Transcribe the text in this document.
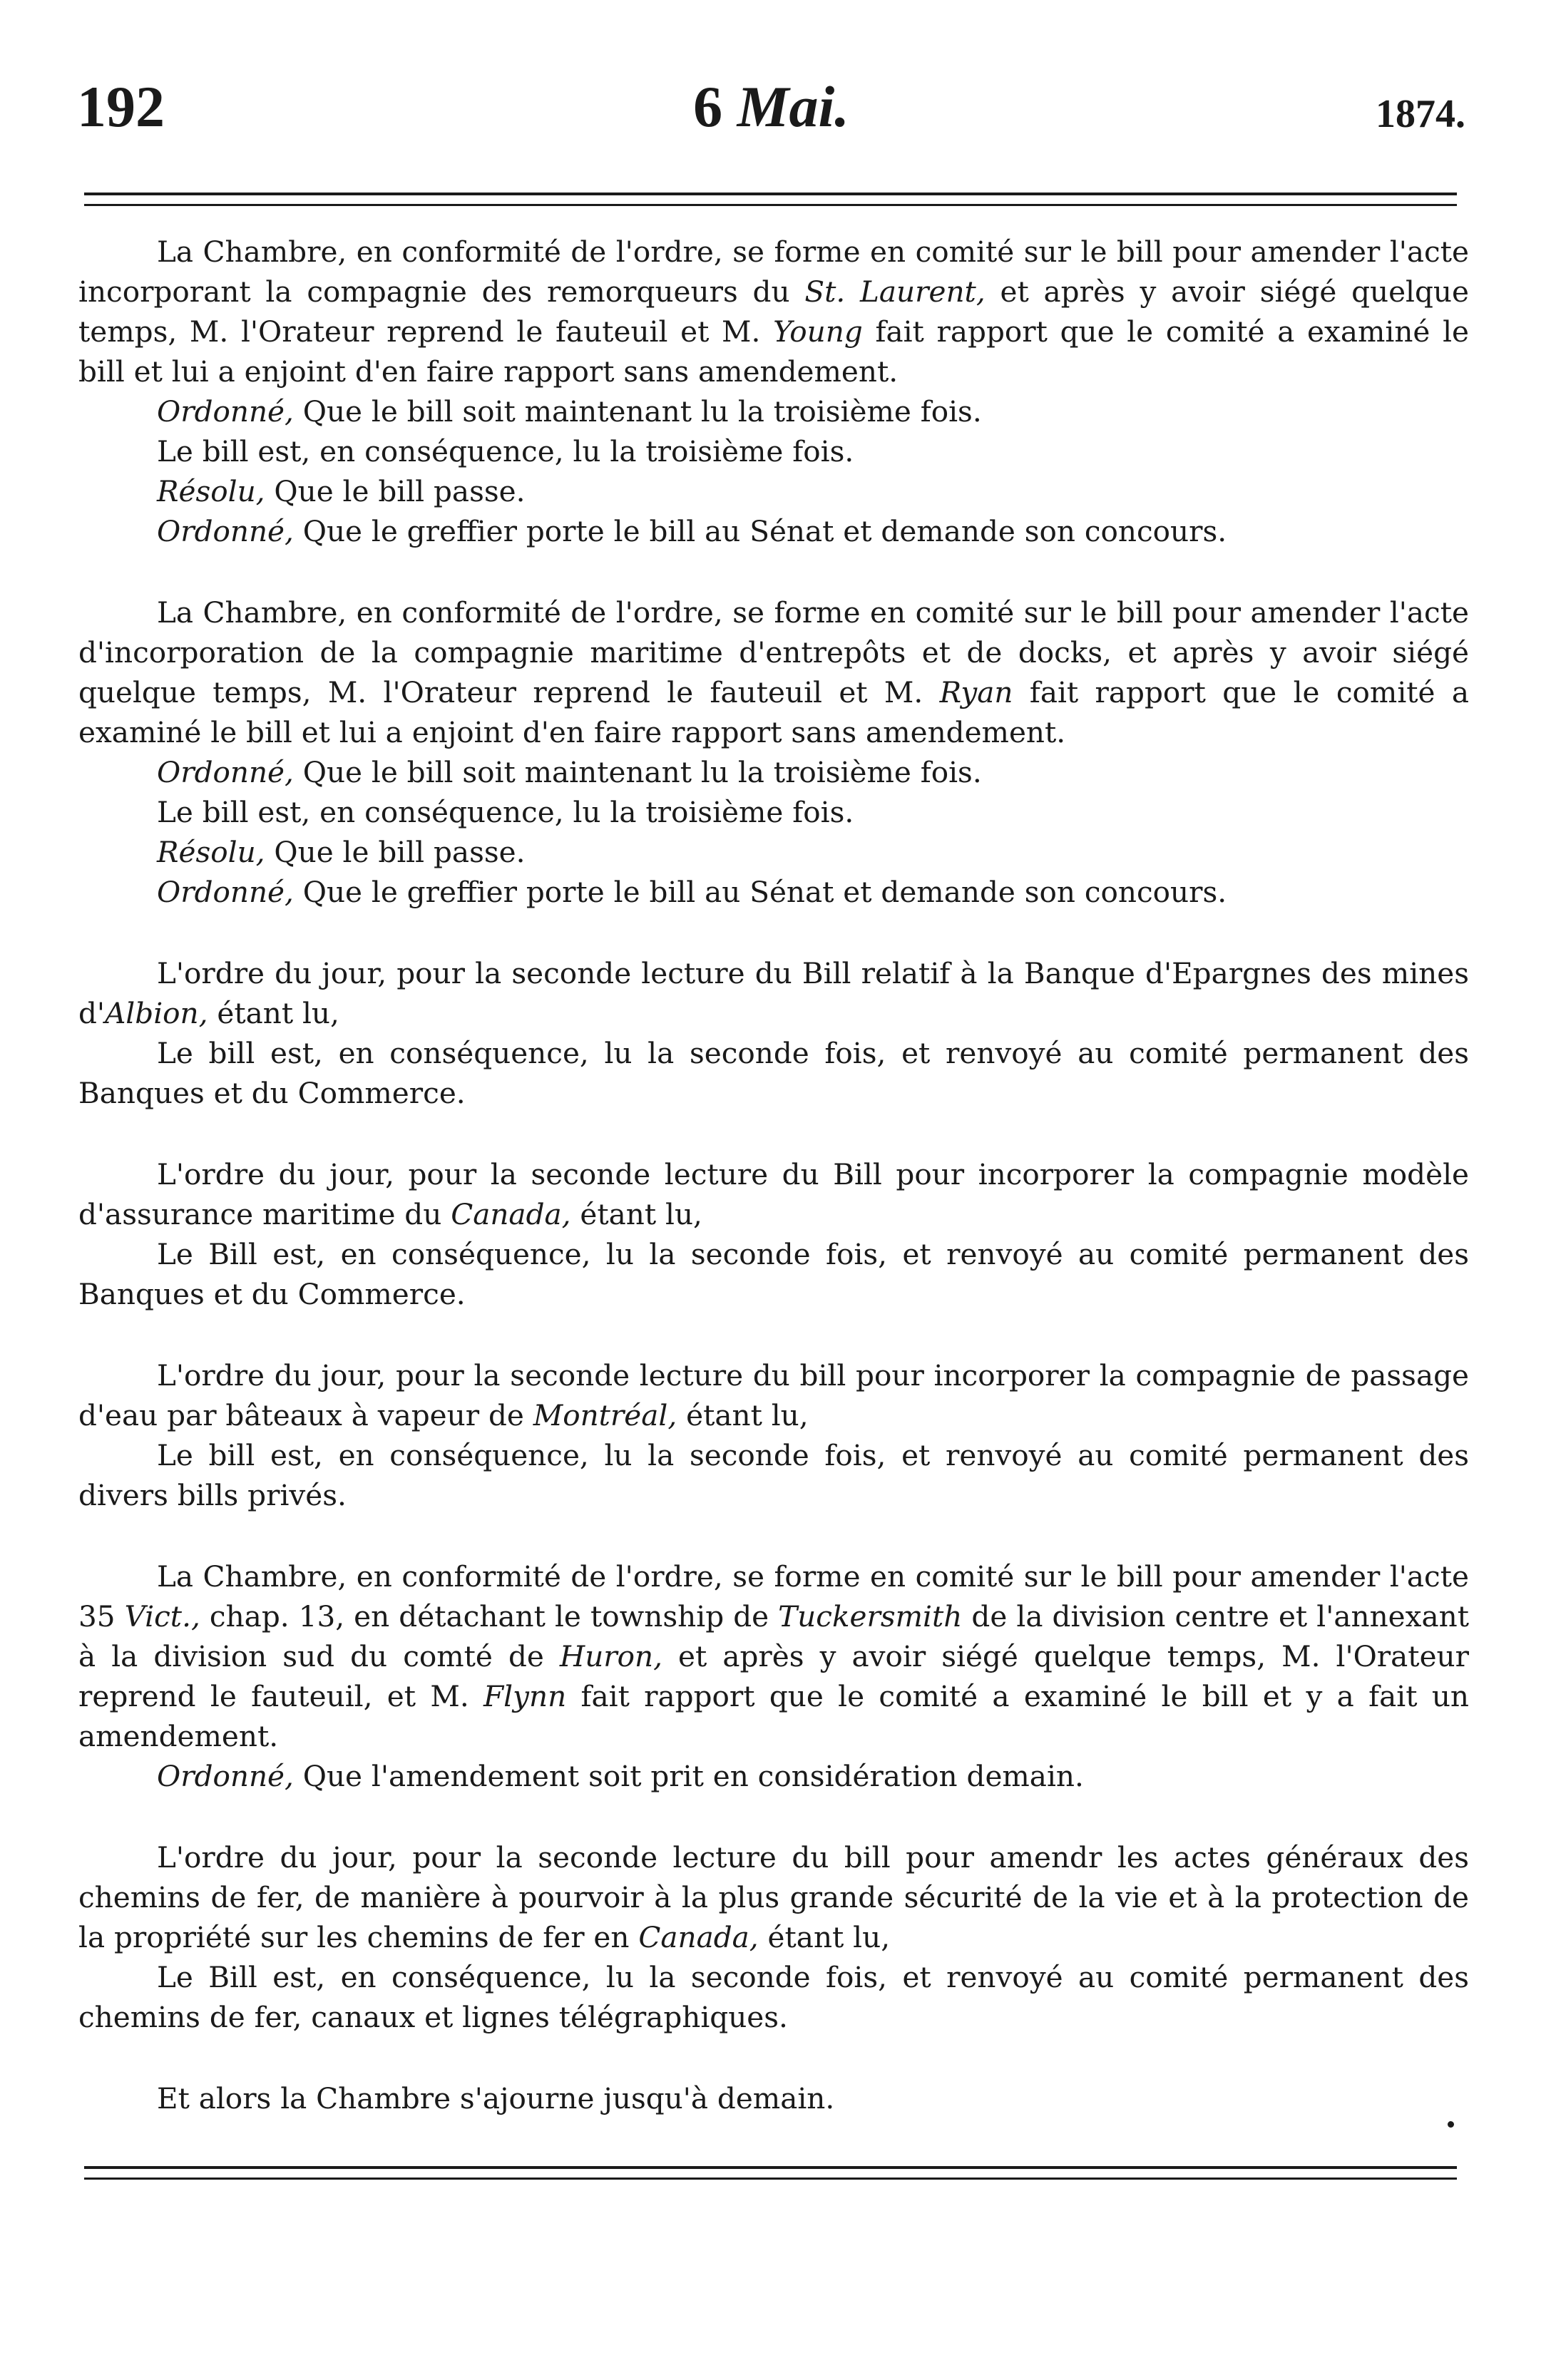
192	6 Mai.	1874.

La Chambre, en conformité de l'ordre, se forme en comité sur le bill pour amender l'acte incorporant la compagnie des remorqueurs du St. Laurent, et après y avoir siégé quelque temps, M. l'Orateur reprend le fauteuil et M. Young fait rapport que le comité a examiné le bill et lui a enjoint d'en faire rapport sans amendement.

Ordonné, Que le bill soit maintenant lu la troisième fois.

Le bill est, en conséquence, lu la troisième fois.

Résolu, Que le bill passe.

Ordonné, Que le greffier porte le bill au Sénat et demande son concours.

La Chambre, en conformité de l'ordre, se forme en comité sur le bill pour amender l'acte d'incorporation de la compagnie maritime d'entrepôts et de docks, et après y avoir siégé quelque temps, M. l'Orateur reprend le fauteuil et M. Ryan fait rapport que le comité a examiné le bill et lui a enjoint d'en faire rapport sans amendement.

Ordonné, Que le bill soit maintenant lu la troisième fois.

Le bill est, en conséquence, lu la troisième fois.

Résolu, Que le bill passe.

Ordonné, Que le greffier porte le bill au Sénat et demande son concours.

L'ordre du jour, pour la seconde lecture du Bill relatif à la Banque d'Epargnes des mines d'Albion, étant lu,

Le bill est, en conséquence, lu la seconde fois, et renvoyé au comité permanent des Banques et du Commerce.

L'ordre du jour, pour la seconde lecture du Bill pour incorporer la compagnie modèle d'assurance maritime du Canada, étant lu,

Le Bill est, en conséquence, lu la seconde fois, et renvoyé au comité permanent des Banques et du Commerce.

L'ordre du jour, pour la seconde lecture du bill pour incorporer la compagnie de passage d'eau par bâteaux à vapeur de Montréal, étant lu,

Le bill est, en conséquence, lu la seconde fois, et renvoyé au comité permanent des divers bills privés.

La Chambre, en conformité de l'ordre, se forme en comité sur le bill pour amender l'acte 35 Vict., chap. 13, en détachant le township de Tuckersmith de la division centre et l'annexant à la division sud du comté de Huron, et après y avoir siégé quelque temps, M. l'Orateur reprend le fauteuil, et M. Flynn fait rapport que le comité a examiné le bill et y a fait un amendement.

Ordonné, Que l'amendement soit prit en considération demain.

L'ordre du jour, pour la seconde lecture du bill pour amendr les actes généraux des chemins de fer, de manière à pourvoir à la plus grande sécurité de la vie et à la protection de la propriété sur les chemins de fer en Canada, étant lu,

Le Bill est, en conséquence, lu la seconde fois, et renvoyé au comité permanent des chemins de fer, canaux et lignes télégraphiques.

Et alors la Chambre s'ajourne jusqu'à demain.
